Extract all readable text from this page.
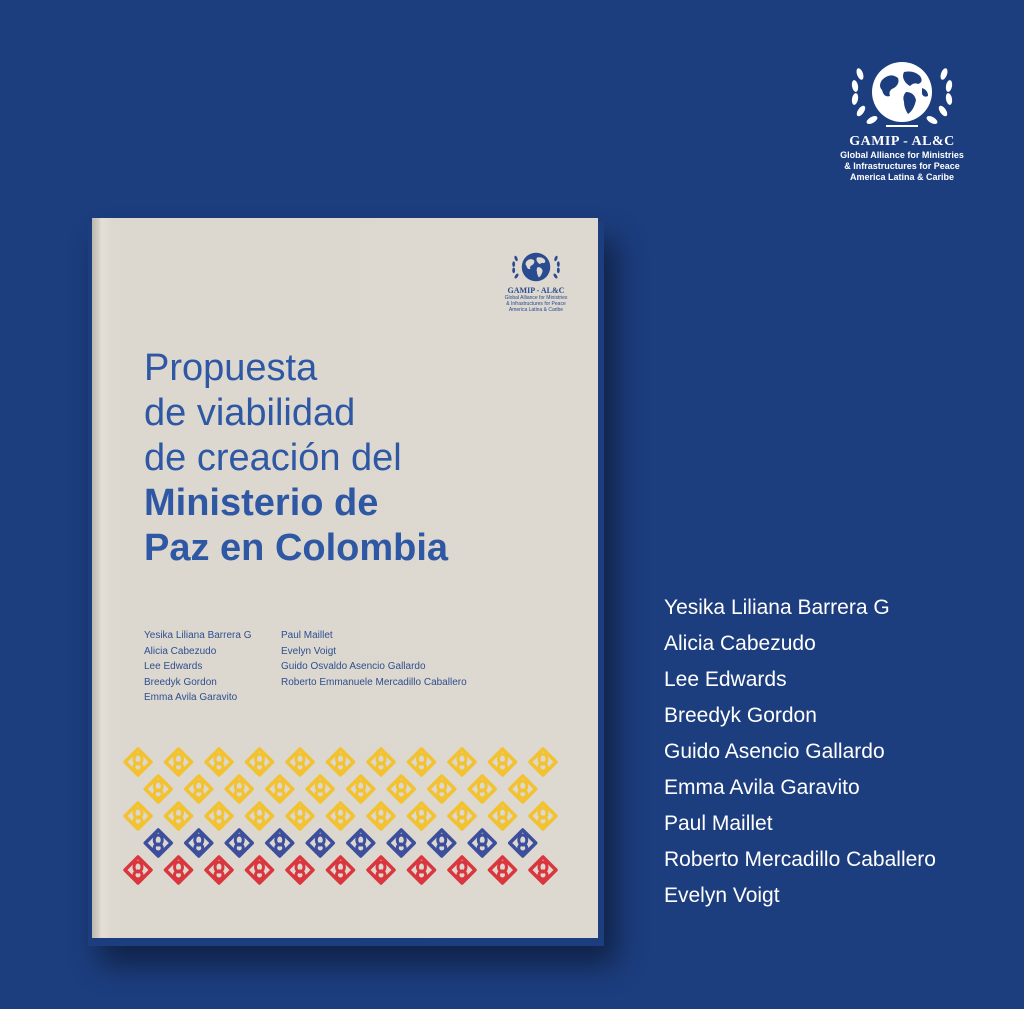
GAMIP - AL&C
Global Alliance for Ministries
& Infrastructures for Peace
America Latina & Caribe
GAMIP - AL&C
Global Alliance for Ministries
& Infrastructures for Peace
America Latina & Caribe
Propuesta
de viabilidad
de creación del
Ministerio de
Paz en Colombia
Yesika Liliana Barrera G
Alicia Cabezudo
Lee Edwards
Breedyk Gordon
Emma Avila Garavito
Paul Maillet
Evelyn Voigt
Guido Osvaldo Asencio Gallardo
Roberto Emmanuele Mercadillo Caballero
Yesika Liliana Barrera G
Alicia Cabezudo
Lee Edwards
Breedyk Gordon
Guido Asencio Gallardo
Emma Avila Garavito
Paul Maillet
Roberto Mercadillo Caballero
Evelyn Voigt
